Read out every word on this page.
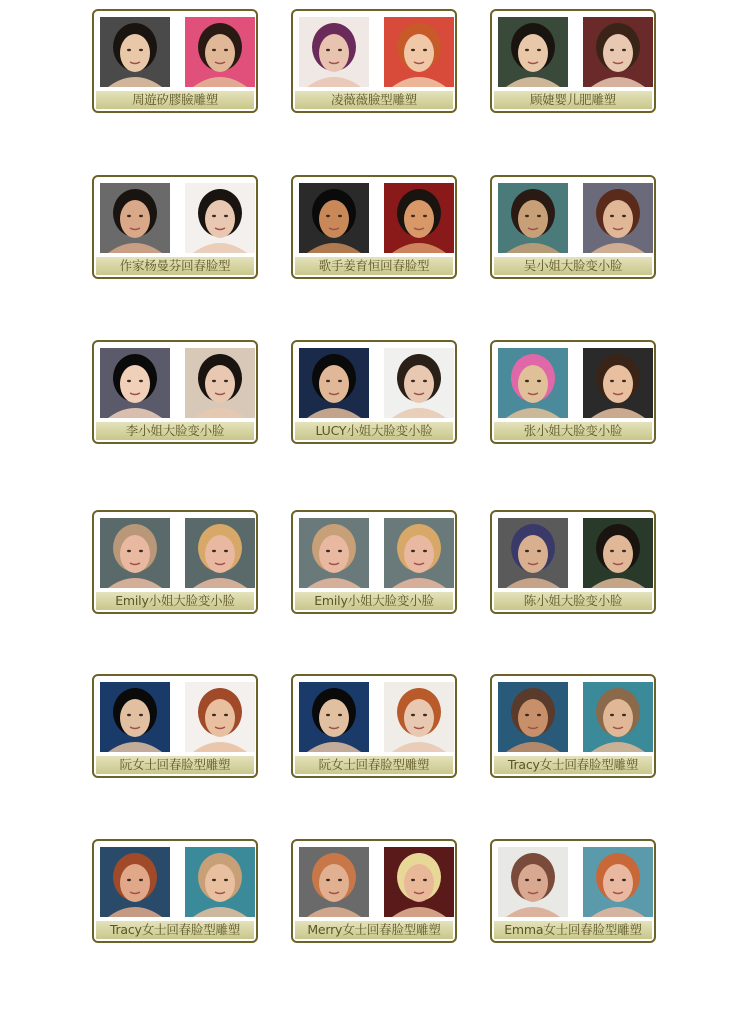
周遊矽膠臉雕塑	凌薇薇臉型雕塑	顾婕婴儿肥雕塑
作家杨曼芬回春脸型	歌手姜育恒回春脸型	吴小姐大脸变小脸
李小姐大脸变小脸	LUCY小姐大脸变小脸	张小姐大脸变小脸
Emily小姐大脸变小脸	Emily小姐大脸变小脸	陈小姐大脸变小脸
阮女士回春脸型雕塑	阮女士回春脸型雕塑	Tracy女士回春脸型雕塑
Tracy女士回春脸型雕塑	Merry女士回春脸型雕塑	Emma女士回春脸型雕塑
